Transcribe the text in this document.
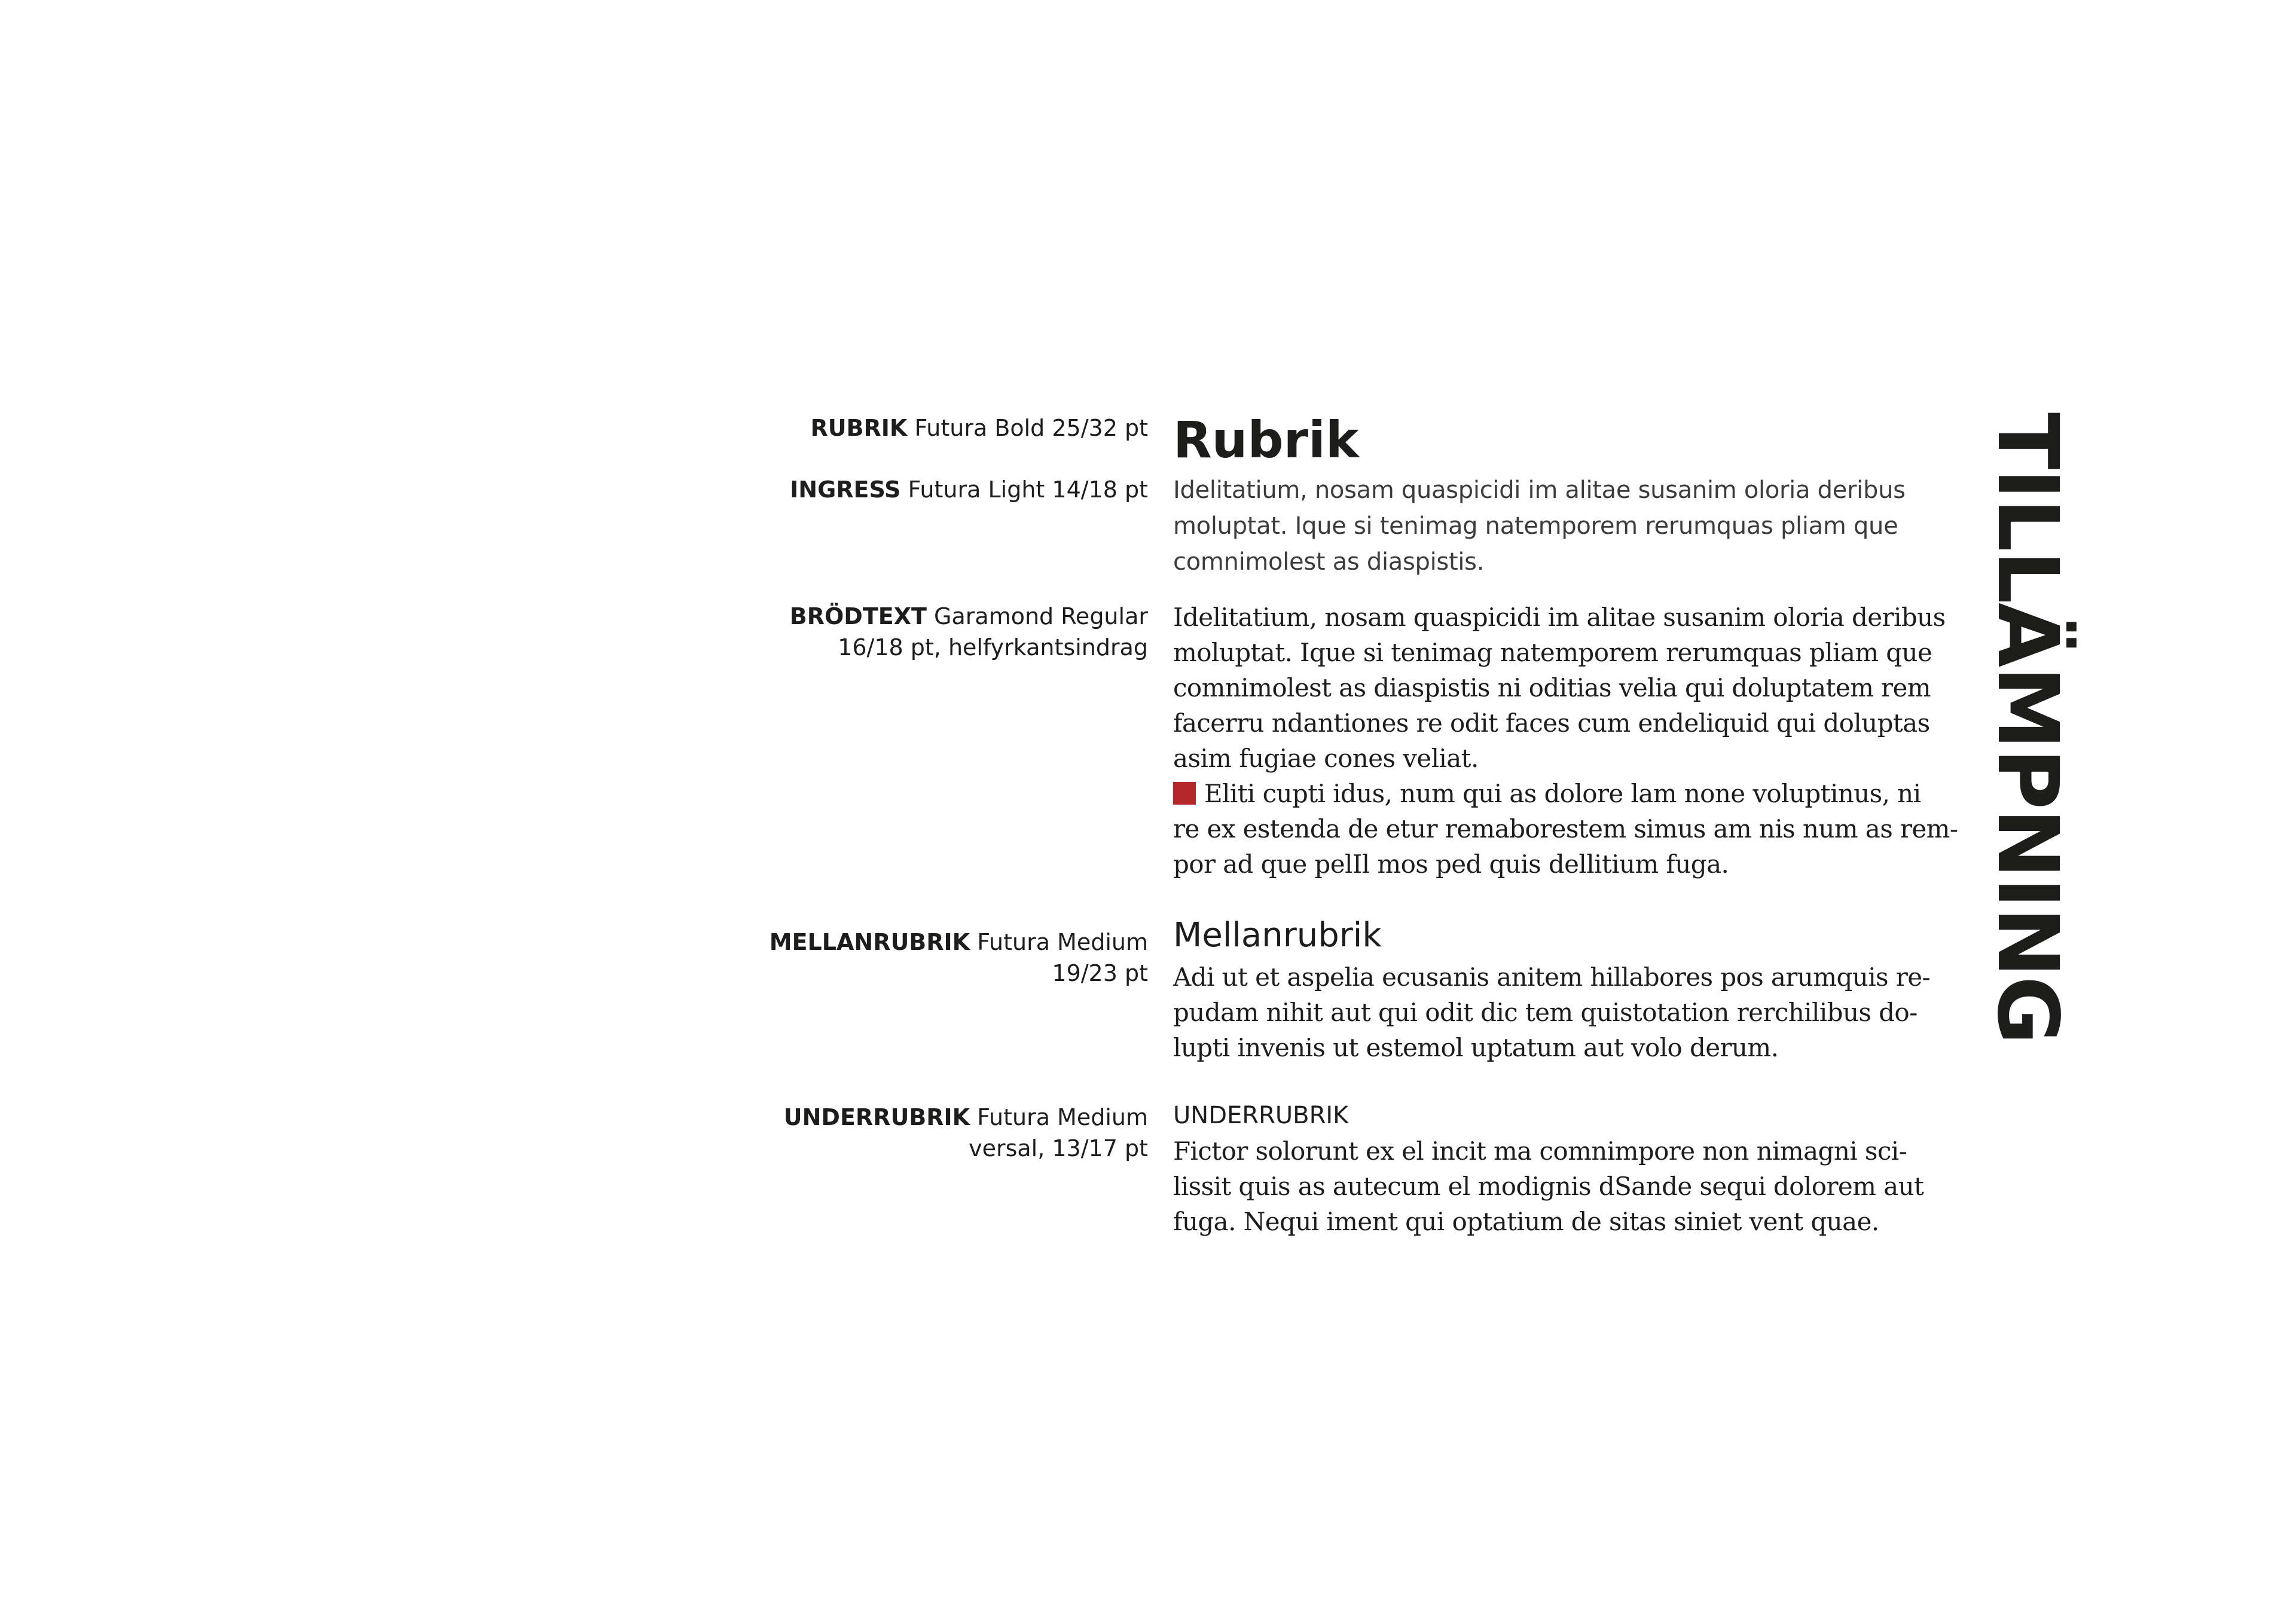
RUBRIK Futura Bold 25/32 pt
INGRESS Futura Light 14/18 pt
BRÖDTEXT Garamond Regular
16/18 pt, helfyrkantsindrag
MELLANRUBRIK Futura Medium
19/23 pt
UNDERRUBRIK Futura Medium
versal, 13/17 pt
Rubrik
Idelitatium, nosam quaspicidi im alitae susanim oloria deribus
moluptat. Ique si tenimag natemporem rerumquas pliam que
comnimolest as diaspistis.
Idelitatium, nosam quaspicidi im alitae susanim oloria deribus
moluptat. Ique si tenimag natemporem rerumquas pliam que
comnimolest as diaspistis ni oditias velia qui doluptatem rem
facerru ndantiones re odit faces cum endeliquid qui doluptas
asim fugiae cones veliat.
Eliti cupti idus, num qui as dolore lam none voluptinus, ni
re ex estenda de etur remaborestem simus am nis num as rem-
por ad que pelIl mos ped quis dellitium fuga.
Mellanrubrik
Adi ut et aspelia ecusanis anitem hillabores pos arumquis re-
pudam nihit aut qui odit dic tem quistotation rerchilibus do-
lupti invenis ut estemol uptatum aut volo derum.
UNDERRUBRIK
Fictor solorunt ex el incit ma comnimpore non nimagni sci-
lissit quis as autecum el modignis dSande sequi dolorem aut
fuga. Nequi iment qui optatium de sitas siniet vent quae.
TILLÄMPNING
